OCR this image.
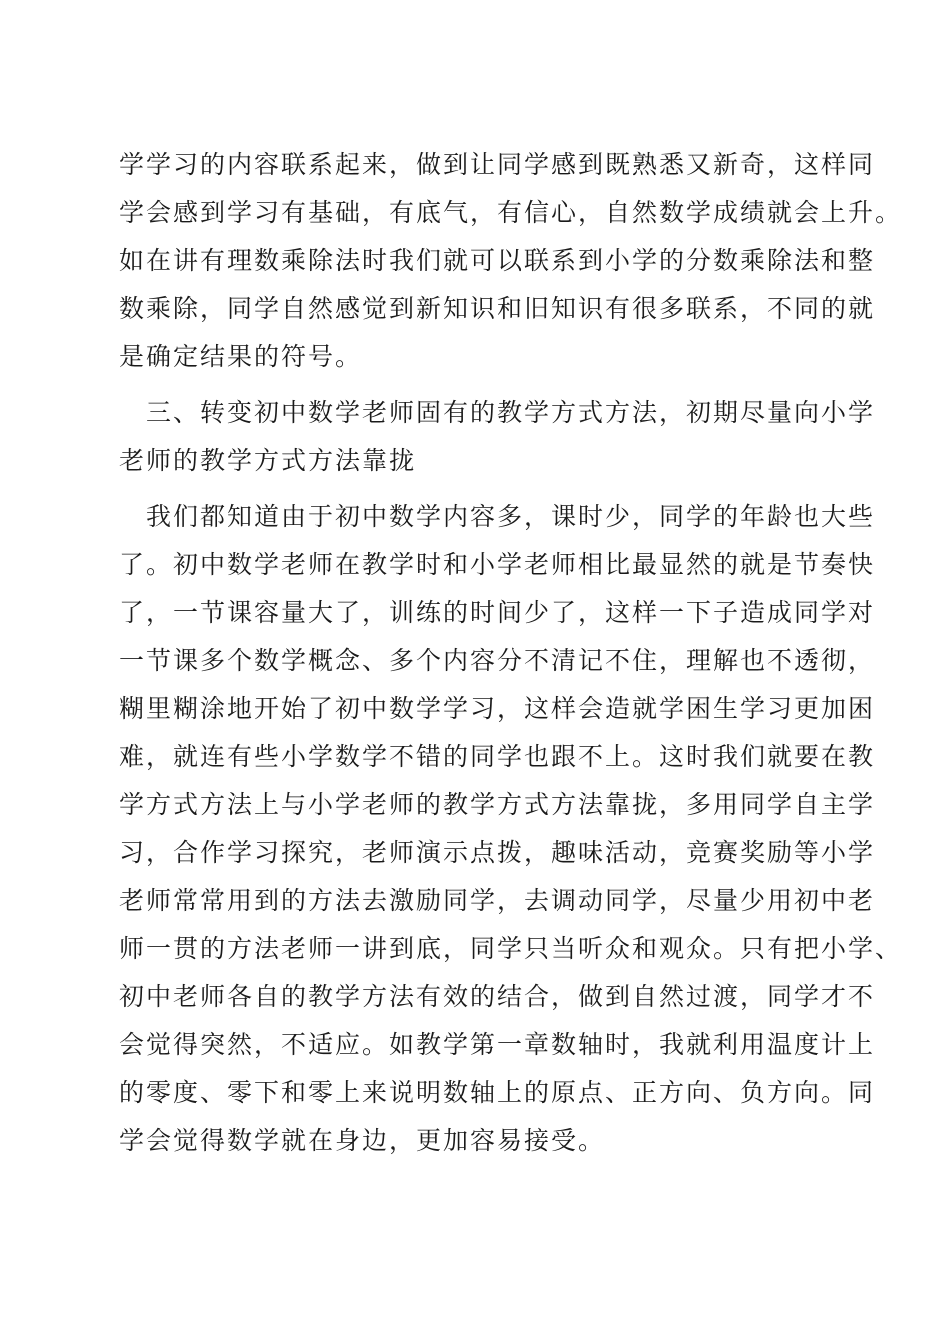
学学习的内容联系起来，做到让同学感到既熟悉又新奇，这样同
学会感到学习有基础，有底气，有信心，自然数学成绩就会上升。
如在讲有理数乘除法时我们就可以联系到小学的分数乘除法和整
数乘除，同学自然感觉到新知识和旧知识有很多联系，不同的就
是确定结果的符号。
三、转变初中数学老师固有的教学方式方法，初期尽量向小学
老师的教学方式方法靠拢
我们都知道由于初中数学内容多，课时少，同学的年龄也大些
了。初中数学老师在教学时和小学老师相比最显然的就是节奏快
了，一节课容量大了，训练的时间少了，这样一下子造成同学对
一节课多个数学概念、多个内容分不清记不住，理解也不透彻，
糊里糊涂地开始了初中数学学习，这样会造就学困生学习更加困
难，就连有些小学数学不错的同学也跟不上。这时我们就要在教
学方式方法上与小学老师的教学方式方法靠拢，多用同学自主学
习，合作学习探究，老师演示点拨，趣味活动，竞赛奖励等小学
老师常常用到的方法去激励同学，去调动同学，尽量少用初中老
师一贯的方法老师一讲到底，同学只当听众和观众。只有把小学、
初中老师各自的教学方法有效的结合，做到自然过渡，同学才不
会觉得突然，不适应。如教学第一章数轴时，我就利用温度计上
的零度、零下和零上来说明数轴上的原点、正方向、负方向。同
学会觉得数学就在身边，更加容易接受。
